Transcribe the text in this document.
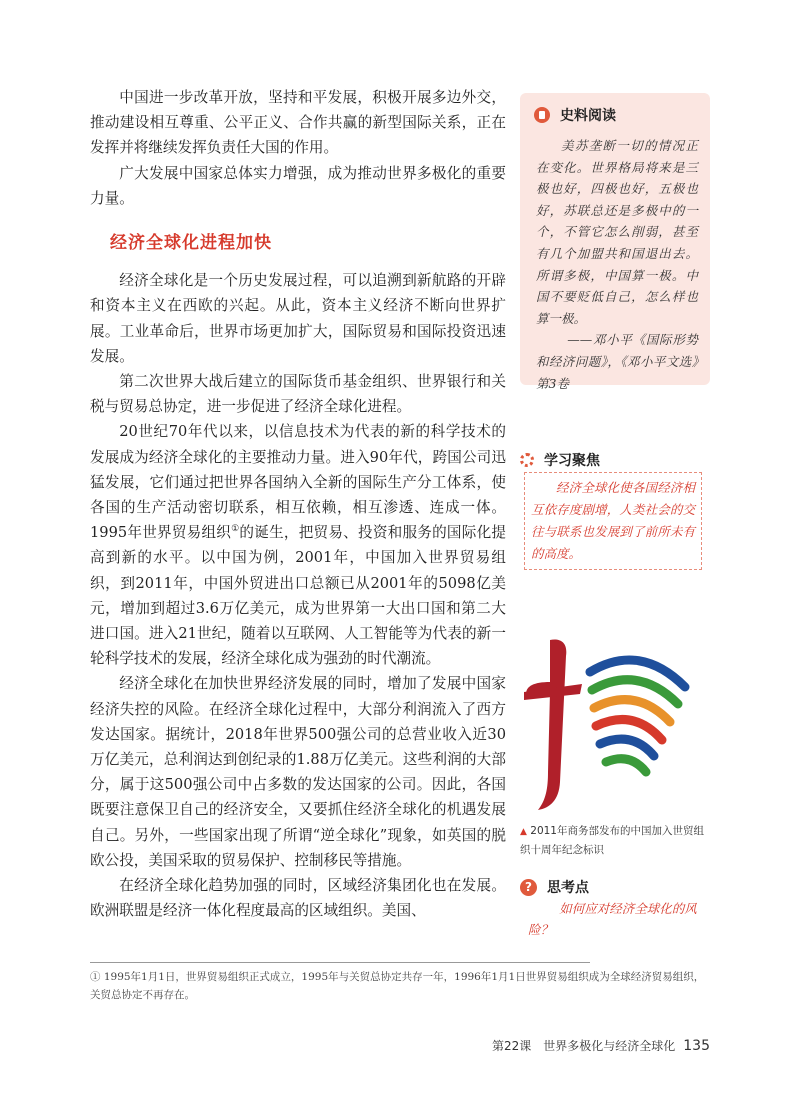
中国进一步改革开放，坚持和平发展，积极开展多边外交，推动建设相互尊重、公平正义、合作共赢的新型国际关系，正在发挥并将继续发挥负责任大国的作用。

广大发展中国家总体实力增强，成为推动世界多极化的重要力量。

经济全球化进程加快

经济全球化是一个历史发展过程，可以追溯到新航路的开辟和资本主义在西欧的兴起。从此，资本主义经济不断向世界扩展。工业革命后，世界市场更加扩大，国际贸易和国际投资迅速发展。

第二次世界大战后建立的国际货币基金组织、世界银行和关税与贸易总协定，进一步促进了经济全球化进程。

20世纪70年代以来，以信息技术为代表的新的科学技术的发展成为经济全球化的主要推动力量。进入90年代，跨国公司迅猛发展，它们通过把世界各国纳入全新的国际生产分工体系，使各国的生产活动密切联系，相互依赖，相互渗透、连成一体。1995年世界贸易组织①的诞生，把贸易、投资和服务的国际化提高到新的水平。以中国为例，2001年，中国加入世界贸易组织，到2011年，中国外贸进出口总额已从2001年的5098亿美元，增加到超过3.6万亿美元，成为世界第一大出口国和第二大进口国。进入21世纪，随着以互联网、人工智能等为代表的新一轮科学技术的发展，经济全球化成为强劲的时代潮流。

经济全球化在加快世界经济发展的同时，增加了发展中国家经济失控的风险。在经济全球化过程中，大部分利润流入了西方发达国家。据统计，2018年世界500强公司的总营业收入近30万亿美元，总利润达到创纪录的1.88万亿美元。这些利润的大部分，属于这500强公司中占多数的发达国家的公司。因此，各国既要注意保卫自己的经济安全，又要抓住经济全球化的机遇发展自己。另外，一些国家出现了所谓“逆全球化”现象，如英国的脱欧公投，美国采取的贸易保护、控制移民等措施。

在经济全球化趋势加强的同时，区域经济集团化也在发展。欧洲联盟是经济一体化程度最高的区域组织。美国、

史料阅读

美苏垄断一切的情况正在变化。世界格局将来是三极也好，四极也好，五极也好，苏联总还是多极中的一个，不管它怎么削弱，甚至有几个加盟共和国退出去。所谓多极，中国算一极。中国不要贬低自己，怎么样也算一极。

——邓小平《国际形势和经济问题》，《邓小平文选》第3卷

学习聚焦
经济全球化使各国经济相互依存度剧增，人类社会的交往与联系也发展到了前所未有的高度。
▲ 2011年商务部发布的中国加入世贸组织十周年纪念标识
?	思考点
如何应对经济全球化的风险？
① 1995年1月1日，世界贸易组织正式成立，1995年与关贸总协定共存一年，1996年1月1日世界贸易组织成为全球经济贸易组织，关贸总协定不再存在。
第22课　世界多极化与经济全球化 135
